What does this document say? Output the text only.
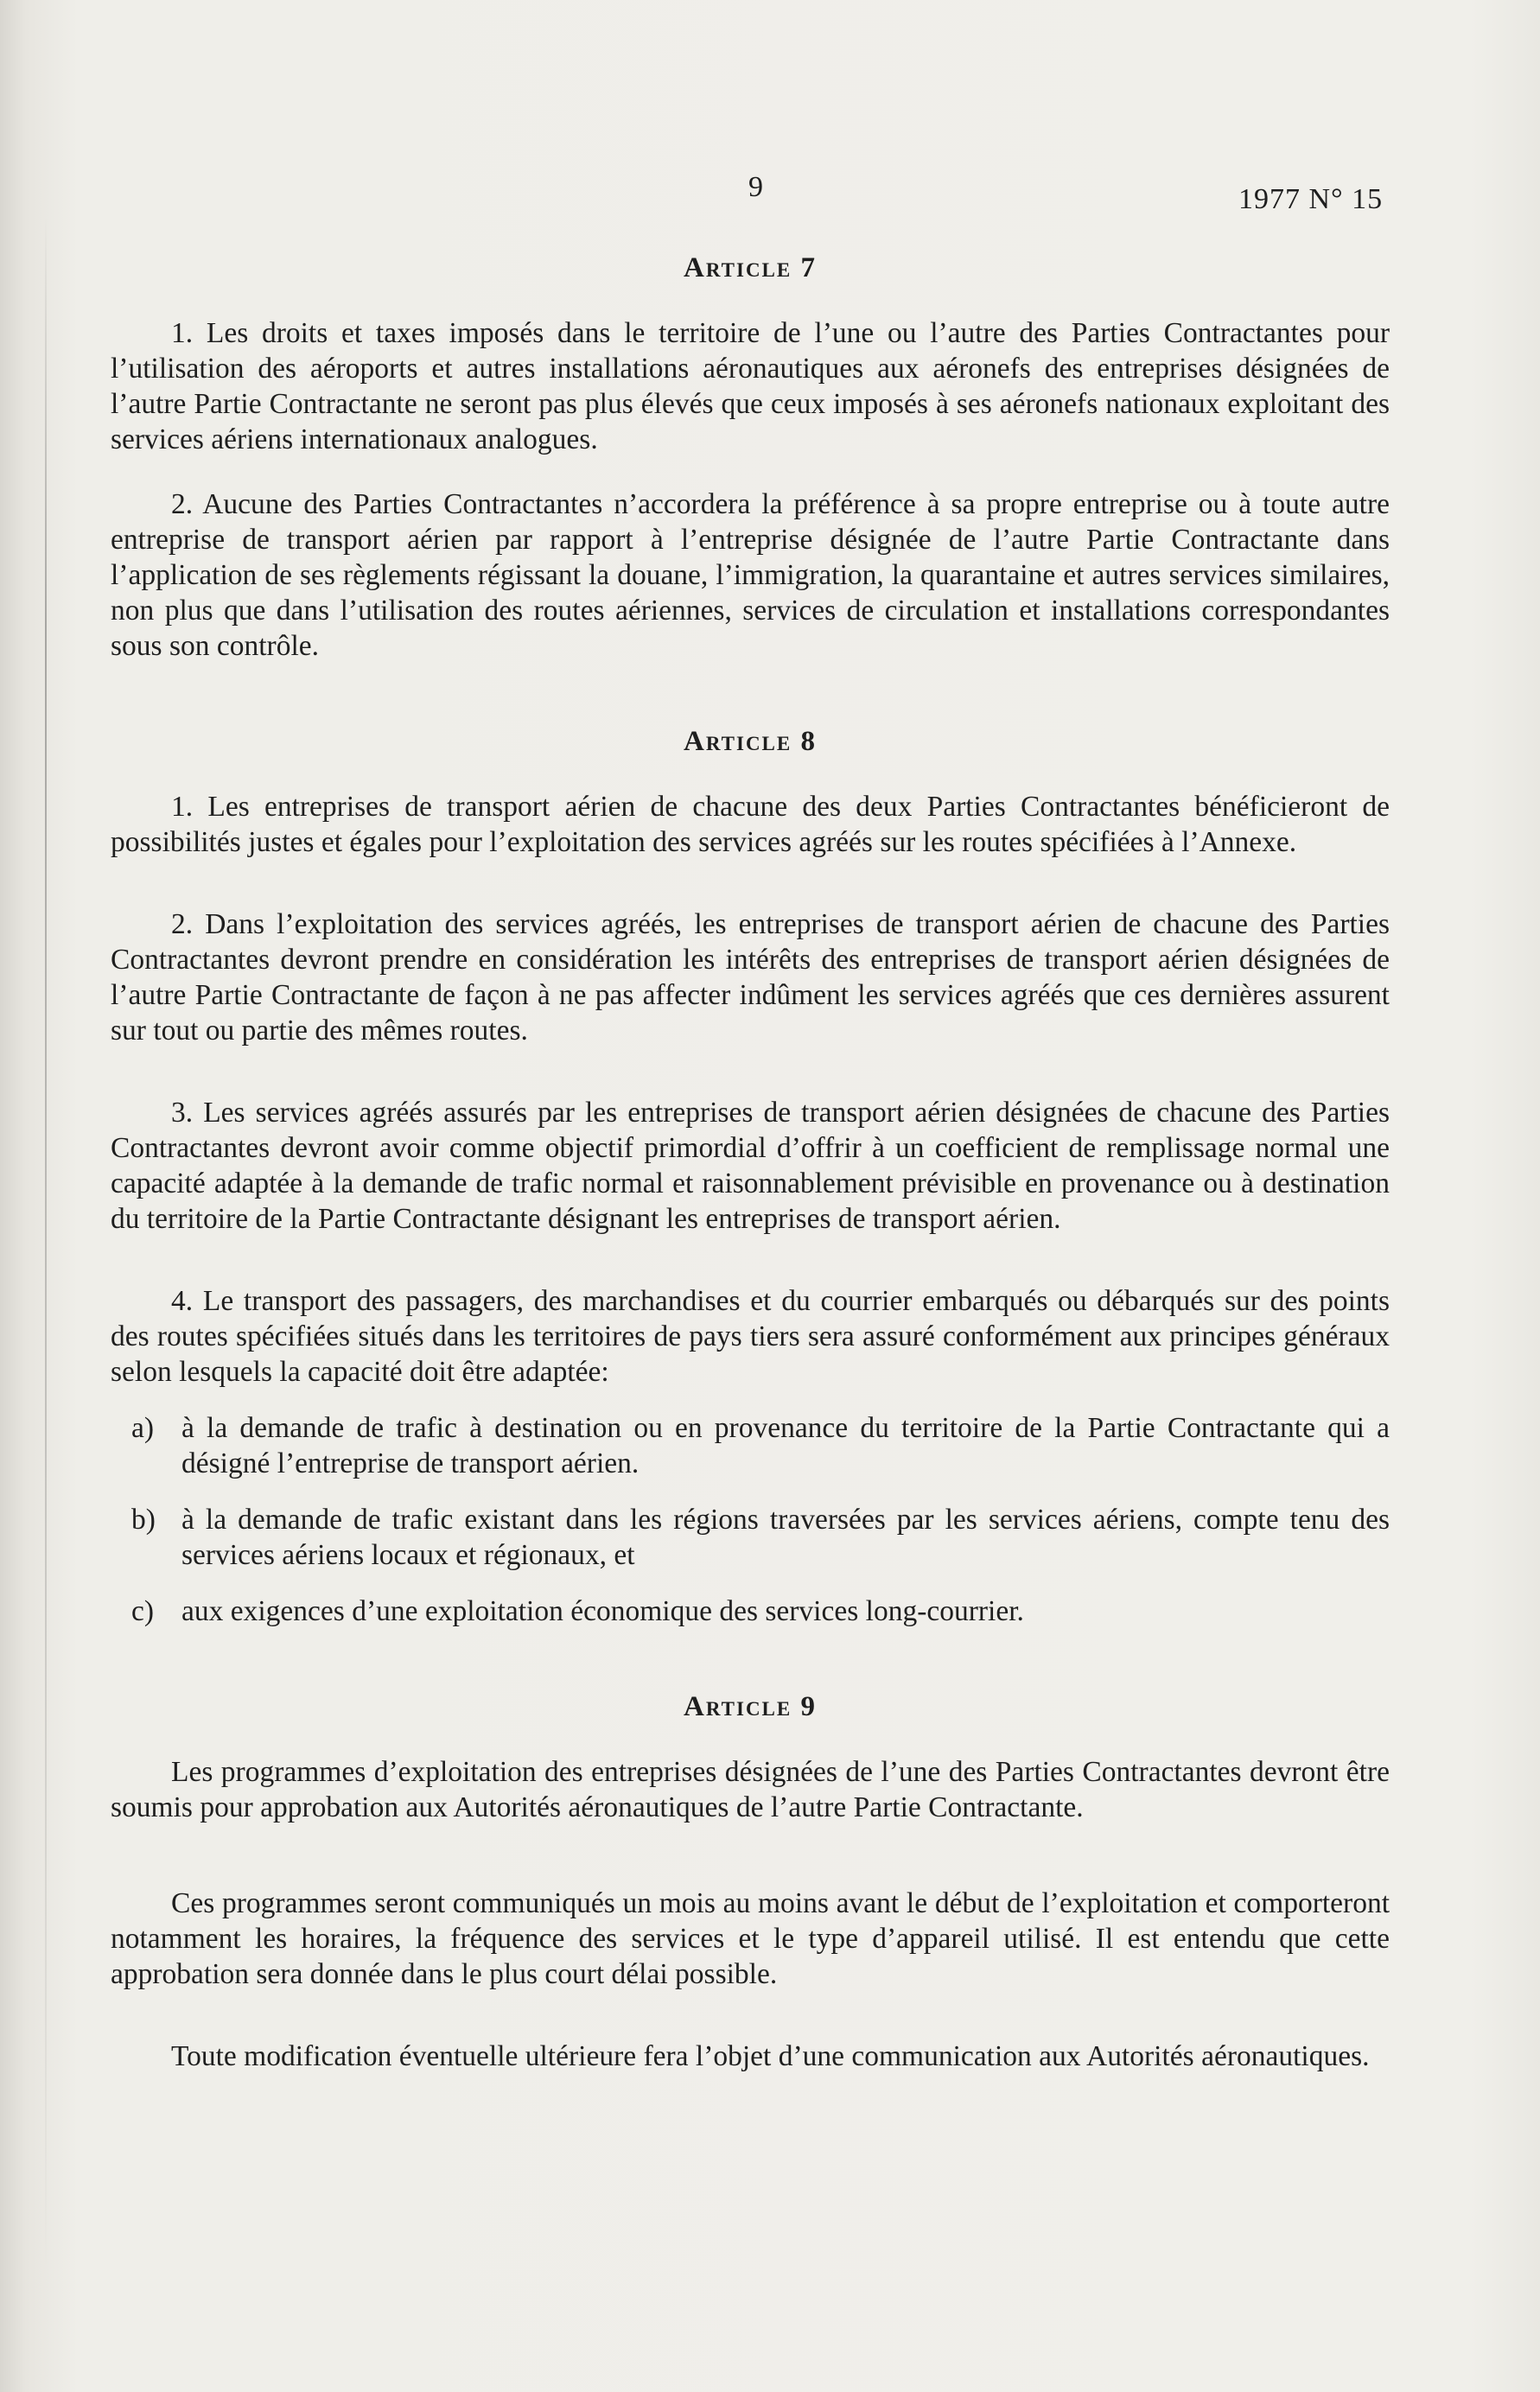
9	1977 N° 15
Article 7

1. Les droits et taxes imposés dans le territoire de l’une ou l’autre des Parties Contractantes pour l’utilisation des aéroports et autres installations aéronautiques aux aéronefs des entreprises désignées de l’autre Partie Contractante ne seront pas plus élevés que ceux imposés à ses aéronefs nationaux exploitant des services aériens internationaux analogues.

2. Aucune des Parties Contractantes n’accordera la préférence à sa propre entreprise ou à toute autre entreprise de transport aérien par rapport à l’entreprise désignée de l’autre Partie Contractante dans l’application de ses règlements régissant la douane, l’immigration, la quarantaine et autres services similaires, non plus que dans l’utilisation des routes aériennes, services de circulation et installations correspondantes sous son contrôle.

Article 8

1. Les entreprises de transport aérien de chacune des deux Parties Contractantes bénéficieront de possibilités justes et égales pour l’exploitation des services agréés sur les routes spécifiées à l’Annexe.

2. Dans l’exploitation des services agréés, les entreprises de transport aérien de chacune des Parties Contractantes devront prendre en considération les intérêts des entreprises de transport aérien désignées de l’autre Partie Contractante de façon à ne pas affecter indûment les services agréés que ces dernières assurent sur tout ou partie des mêmes routes.

3. Les services agréés assurés par les entreprises de transport aérien désignées de chacune des Parties Contractantes devront avoir comme objectif primordial d’offrir à un coefficient de remplissage normal une capacité adaptée à la demande de trafic normal et raisonnablement prévisible en provenance ou à destination du territoire de la Partie Contractante désignant les entreprises de transport aérien.

4. Le transport des passagers, des marchandises et du courrier embarqués ou débarqués sur des points des routes spécifiées situés dans les territoires de pays tiers sera assuré conformément aux principes généraux selon lesquels la capacité doit être adaptée:

a) à la demande de trafic à destination ou en provenance du territoire de la Partie Contractante qui a désigné l’entreprise de transport aérien.
b) à la demande de trafic existant dans les régions traversées par les services aériens, compte tenu des services aériens locaux et régionaux, et
c) aux exigences d’une exploitation économique des services long-courrier.
Article 9

Les programmes d’exploitation des entreprises désignées de l’une des Parties Contractantes devront être soumis pour approbation aux Autorités aéronautiques de l’autre Partie Contractante.

Ces programmes seront communiqués un mois au moins avant le début de l’exploitation et comporteront notamment les horaires, la fréquence des services et le type d’appareil utilisé. Il est entendu que cette approbation sera donnée dans le plus court délai possible.

Toute modification éventuelle ultérieure fera l’objet d’une communication aux Autorités aéronautiques.
